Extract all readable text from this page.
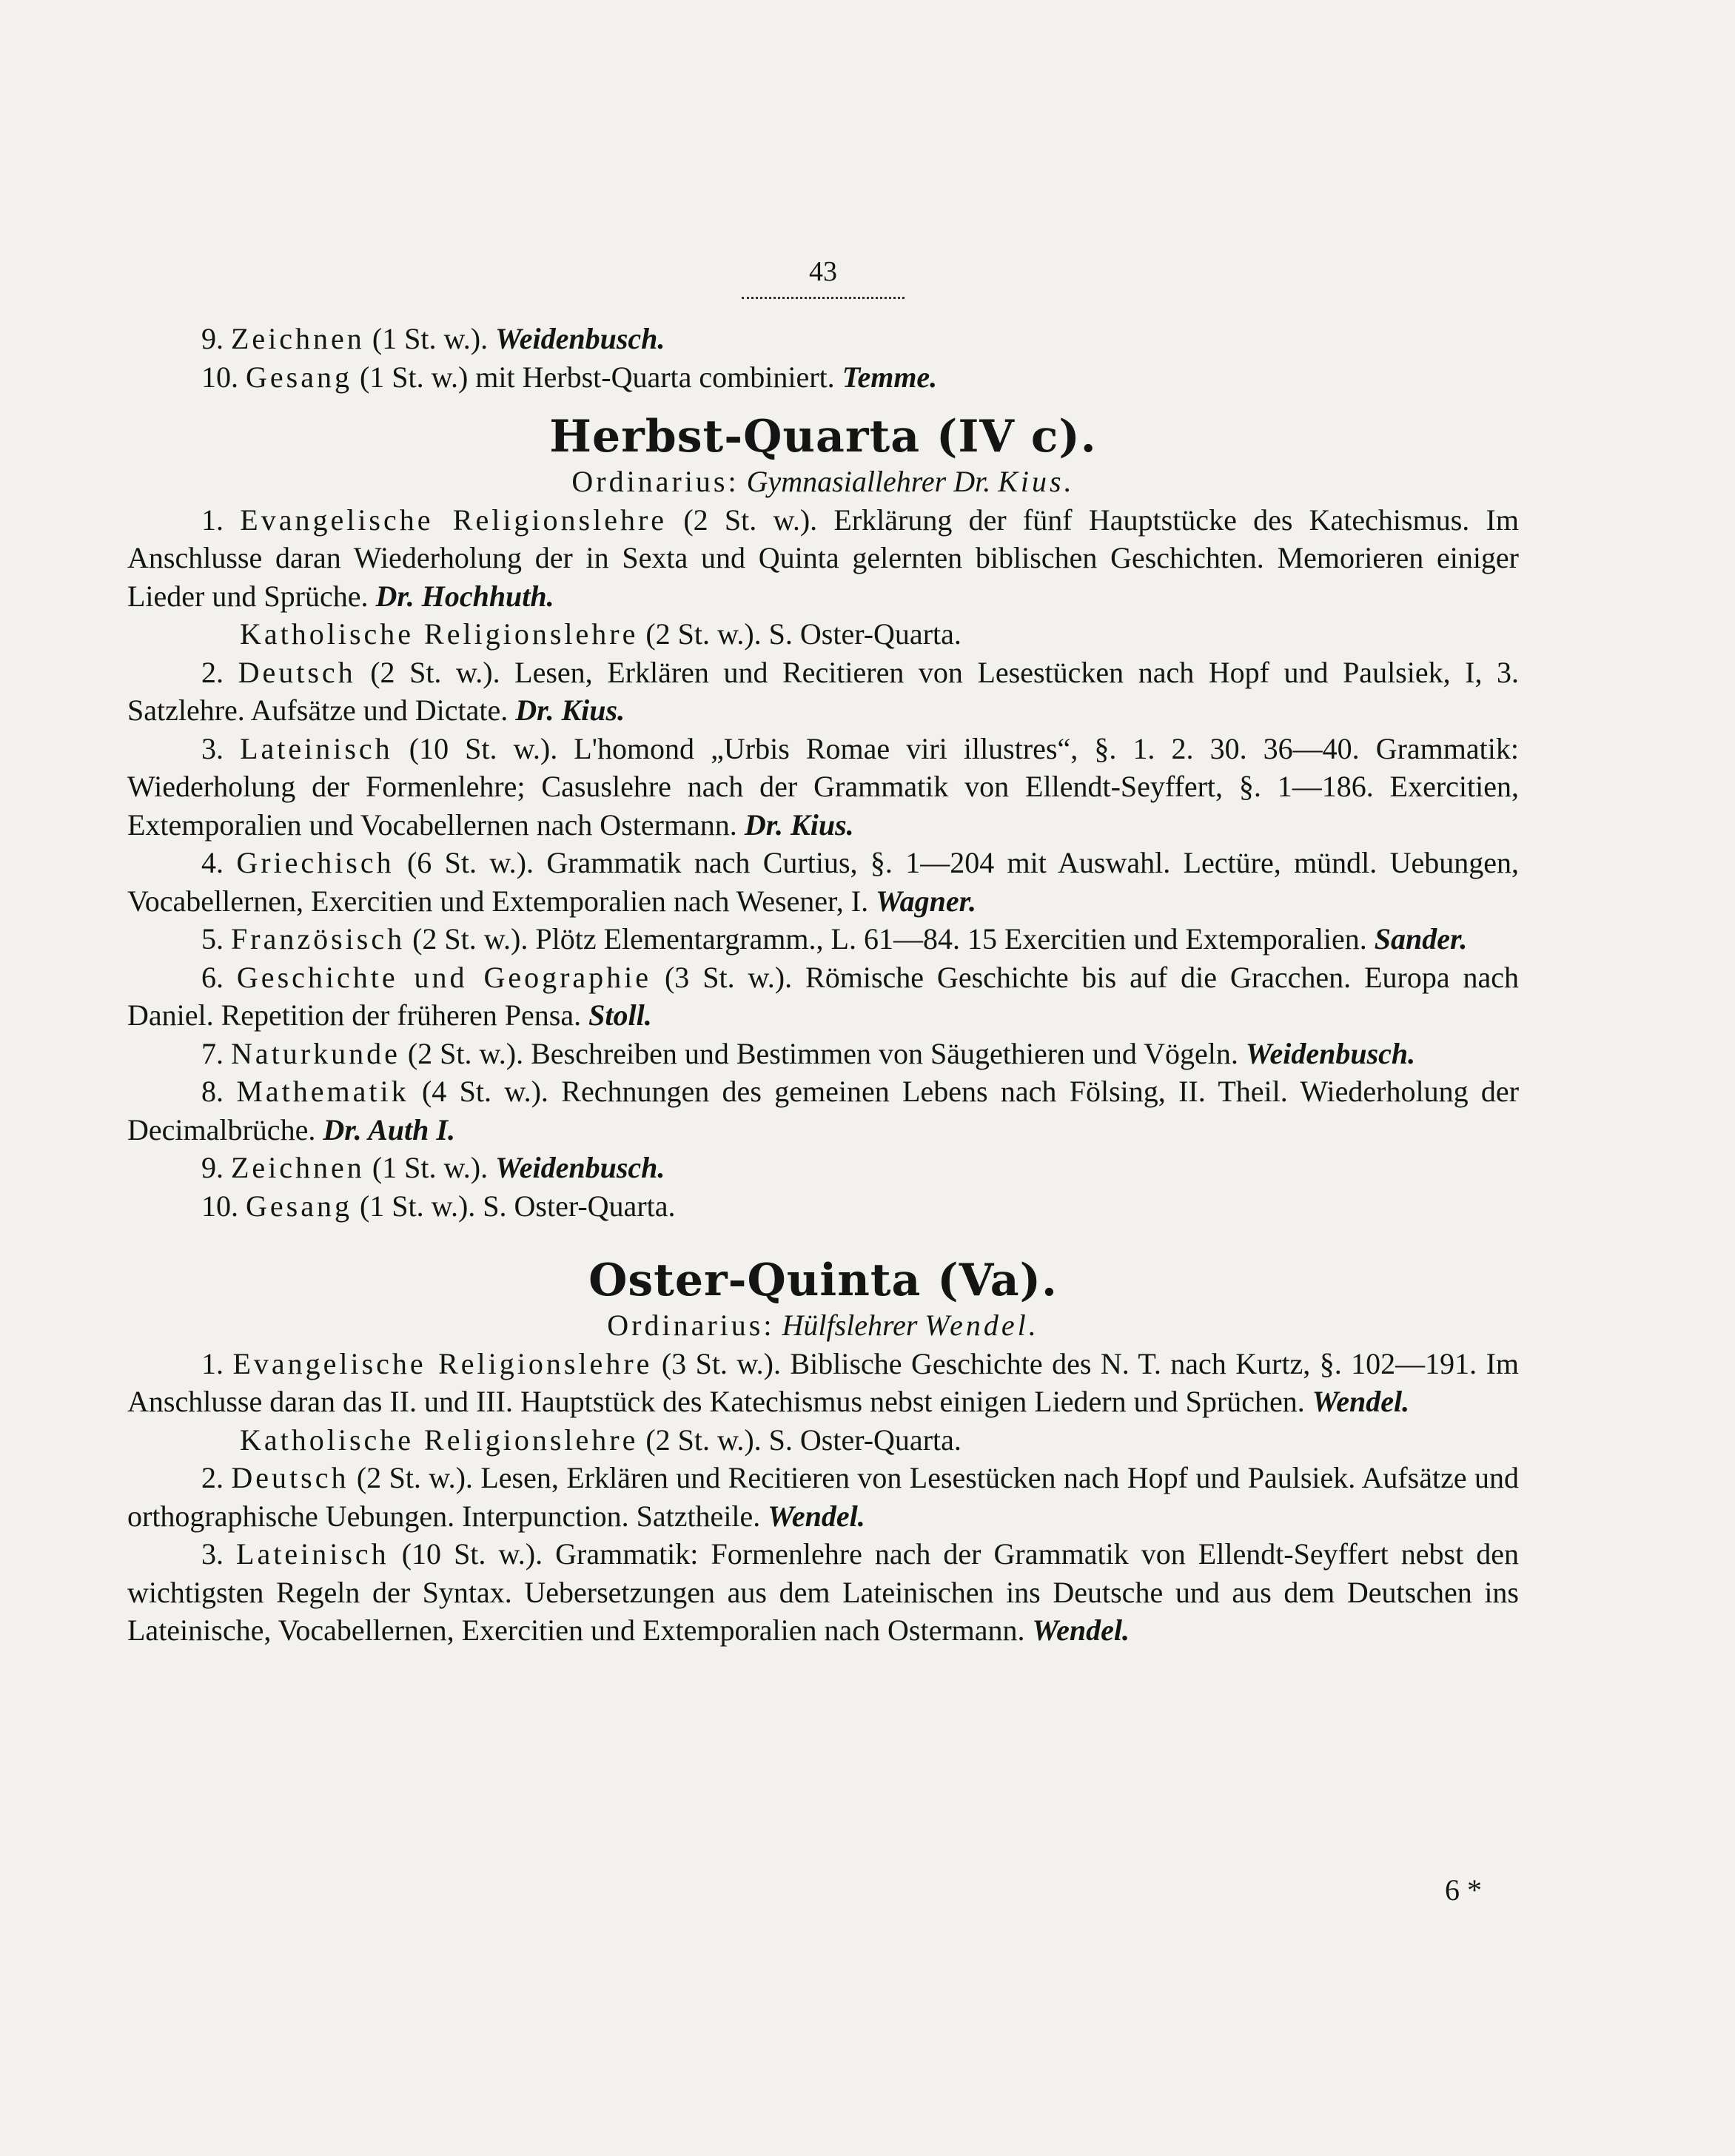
43

9. Zeichnen (1 St. w.). Weidenbusch.

10. Gesang (1 St. w.) mit Herbst-Quarta combiniert. Temme.

Herbst-Quarta (IV c).

Ordinarius: Gymnasiallehrer Dr. Kius.

1. Evangelische Religionslehre (2 St. w.). Erklärung der fünf Hauptstücke des Katechismus. Im Anschlusse daran Wiederholung der in Sexta und Quinta gelernten biblischen Geschichten. Memorieren einiger Lieder und Sprüche. Dr. Hochhuth.

Katholische Religionslehre (2 St. w.). S. Oster-Quarta.

2. Deutsch (2 St. w.). Lesen, Erklären und Recitieren von Lesestücken nach Hopf und Paulsiek, I, 3. Satzlehre. Aufsätze und Dictate. Dr. Kius.

3. Lateinisch (10 St. w.). L'homond „Urbis Romae viri illustres“, §. 1. 2. 30. 36—40. Grammatik: Wiederholung der Formenlehre; Casuslehre nach der Grammatik von Ellendt-Seyffert, §. 1—186. Exercitien, Extemporalien und Vocabellernen nach Ostermann. Dr. Kius.

4. Griechisch (6 St. w.). Grammatik nach Curtius, §. 1—204 mit Auswahl. Lectüre, mündl. Uebungen, Vocabellernen, Exercitien und Extemporalien nach Wesener, I. Wagner.

5. Französisch (2 St. w.). Plötz Elementargramm., L. 61—84. 15 Exercitien und Extemporalien. Sander.

6. Geschichte und Geographie (3 St. w.). Römische Geschichte bis auf die Gracchen. Europa nach Daniel. Repetition der früheren Pensa. Stoll.

7. Naturkunde (2 St. w.). Beschreiben und Bestimmen von Säugethieren und Vögeln. Weidenbusch.

8. Mathematik (4 St. w.). Rechnungen des gemeinen Lebens nach Fölsing, II. Theil. Wiederholung der Decimalbrüche. Dr. Auth I.

9. Zeichnen (1 St. w.). Weidenbusch.

10. Gesang (1 St. w.). S. Oster-Quarta.

Oster-Quinta (Va).

Ordinarius: Hülfslehrer Wendel.

1. Evangelische Religionslehre (3 St. w.). Biblische Geschichte des N. T. nach Kurtz, §. 102—191. Im Anschlusse daran das II. und III. Hauptstück des Katechismus nebst einigen Liedern und Sprüchen. Wendel.

Katholische Religionslehre (2 St. w.). S. Oster-Quarta.

2. Deutsch (2 St. w.). Lesen, Erklären und Recitieren von Lesestücken nach Hopf und Paulsiek. Aufsätze und orthographische Uebungen. Interpunction. Satztheile. Wendel.

3. Lateinisch (10 St. w.). Grammatik: Formenlehre nach der Grammatik von Ellendt-Seyffert nebst den wichtigsten Regeln der Syntax. Uebersetzungen aus dem Lateinischen ins Deutsche und aus dem Deutschen ins Lateinische, Vocabellernen, Exercitien und Extemporalien nach Ostermann. Wendel.

6 *
